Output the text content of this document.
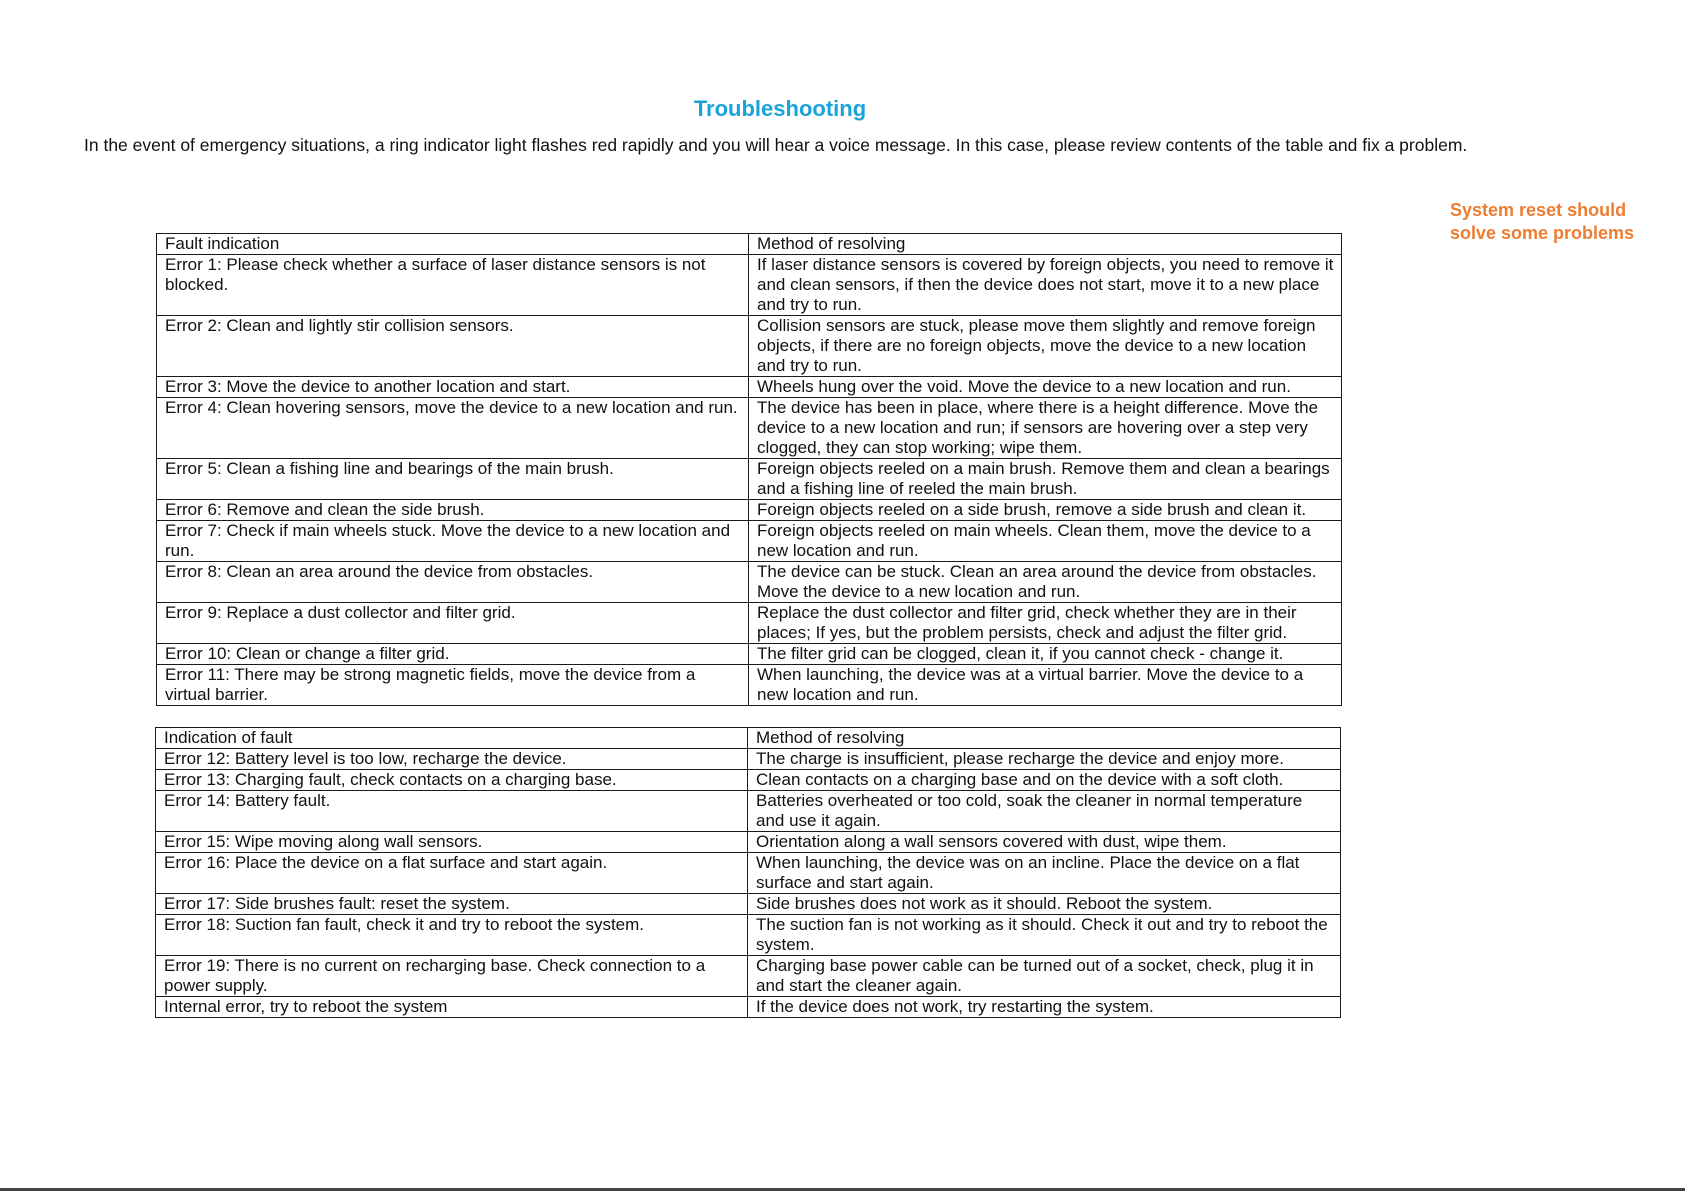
Troubleshooting
In the event of emergency situations, a ring indicator light flashes red rapidly and you will hear a voice message. In this case, please review contents of the table and fix a problem.
System reset should solve some problems
Fault indication	Method of resolving
Error 1: Please check whether a surface of laser distance sensors is not blocked.	If laser distance sensors is covered by foreign objects, you need to remove it and clean sensors, if then the device does not start, move it to a new place and try to run.
Error 2: Clean and lightly stir collision sensors.	Collision sensors are stuck, please move them slightly and remove foreign objects, if there are no foreign objects, move the device to a new location and try to run.
Error 3: Move the device to another location and start.	Wheels hung over the void. Move the device to a new location and run.
Error 4: Clean hovering sensors, move the device to a new location and run.	The device has been in place, where there is a height difference. Move the device to a new location and run; if sensors are hovering over a step very clogged, they can stop working; wipe them.
Error 5: Clean a fishing line and bearings of the main brush.	Foreign objects reeled on a main brush. Remove them and clean a bearings and a fishing line of reeled the main brush.
Error 6: Remove and clean the side brush.	Foreign objects reeled on a side brush, remove a side brush and clean it.
Error 7: Check if main wheels stuck. Move the device to a new location and run.	Foreign objects reeled on main wheels. Clean them, move the device to a new location and run.
Error 8: Clean an area around the device from obstacles.	The device can be stuck. Clean an area around the device from obstacles. Move the device to a new location and run.
Error 9: Replace a dust collector and filter grid.	Replace the dust collector and filter grid, check whether they are in their places; If yes, but the problem persists, check and adjust the filter grid.
Error 10: Clean or change a filter grid.	The filter grid can be clogged, clean it, if you cannot check - change it.
Error 11: There may be strong magnetic fields, move the device from a virtual barrier.	When launching, the device was at a virtual barrier. Move the device to a new location and run.
Indication of fault	Method of resolving
Error 12: Battery level is too low, recharge the device.	The charge is insufficient, please recharge the device and enjoy more.
Error 13: Charging fault, check contacts on a charging base.	Clean contacts on a charging base and on the device with a soft cloth.
Error 14: Battery fault.	Batteries overheated or too cold, soak the cleaner in normal temperature and use it again.
Error 15: Wipe moving along wall sensors.	Orientation along a wall sensors covered with dust, wipe them.
Error 16: Place the device on a flat surface and start again.	When launching, the device was on an incline. Place the device on a flat surface and start again.
Error 17: Side brushes fault: reset the system.	Side brushes does not work as it should. Reboot the system.
Error 18: Suction fan fault, check it and try to reboot the system.	The suction fan is not working as it should. Check it out and try to reboot the system.
Error 19: There is no current on recharging base. Check connection to a power supply.	Charging base power cable can be turned out of a socket, check, plug it in and start the cleaner again.
Internal error, try to reboot the system	If the device does not work, try restarting the system.
